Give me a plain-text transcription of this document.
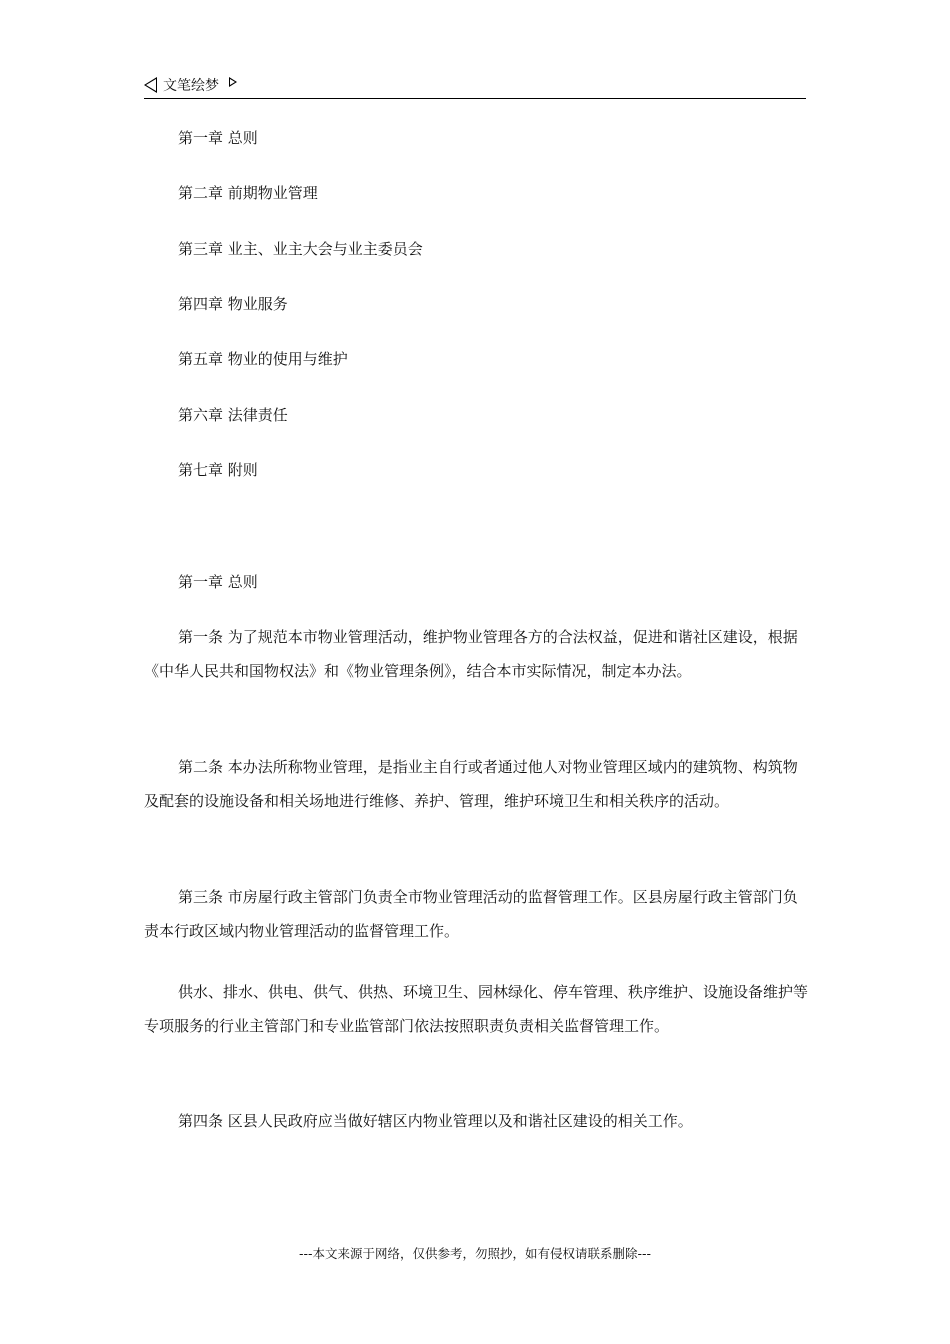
文笔绘梦
第一章 总则
第二章 前期物业管理
第三章 业主、业主大会与业主委员会
第四章 物业服务
第五章 物业的使用与维护
第六章 法律责任
第七章 附则
第一章 总则

第一条 为了规范本市物业管理活动，维护物业管理各方的合法权益，促进和谐社区建设，根据《中华人民共和国物权法》和《物业管理条例》，结合本市实际情况，制定本办法。

第二条 本办法所称物业管理，是指业主自行或者通过他人对物业管理区域内的建筑物、构筑物及配套的设施设备和相关场地进行维修、养护、管理，维护环境卫生和相关秩序的活动。

第三条 市房屋行政主管部门负责全市物业管理活动的监督管理工作。区县房屋行政主管部门负责本行政区域内物业管理活动的监督管理工作。

供水、排水、供电、供气、供热、环境卫生、园林绿化、停车管理、秩序维护、设施设备维护等专项服务的行业主管部门和专业监管部门依法按照职责负责相关监督管理工作。

第四条 区县人民政府应当做好辖区内物业管理以及和谐社区建设的相关工作。

---本文来源于网络，仅供参考，勿照抄，如有侵权请联系删除---
